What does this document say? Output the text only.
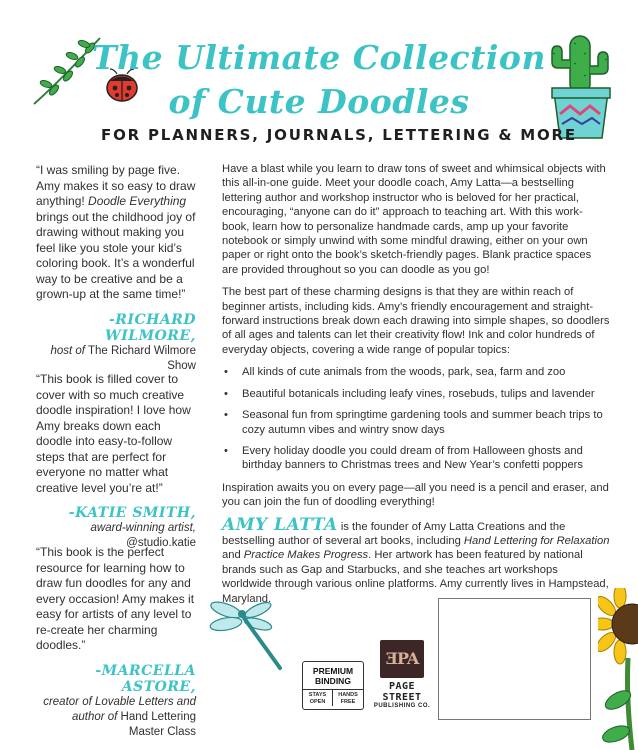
The Ultimate Collection
of Cute Doodles
FOR PLANNERS, JOURNALS, LETTERING & MORE
“I was smiling by page five. Amy makes it so easy to draw anything! Doodle Everything brings out the childhood joy of drawing without making you feel like you stole your kid’s coloring book. It’s a wonderful way to be creative and be a grown-up at the same time!”
-RICHARD WILMORE,
host of The Richard Wilmore Show
“This book is filled cover to cover with so much creative doodle inspiration! I love how Amy breaks down each doodle into easy-to-follow steps that are perfect for everyone no matter what creative level you’re at!”
-KATIE SMITH,
award-winning artist,
@studio.katie
“This book is the perfect resource for learning how to draw fun doodles for any and every occasion! Amy makes it easy for artists of any level to re-create her charming doodles.”
-MARCELLA ASTORE,
creator of Lovable Letters and
author of Hand Lettering
Master Class

Have a blast while you learn to draw tons of sweet and whimsical objects with this all-in-one guide. Meet your doodle coach, Amy Latta—a bestselling lettering author and workshop instructor who is beloved for her practical, encouraging, “anyone can do it” approach to teaching art. With this work-book, learn how to personalize handmade cards, amp up your favorite notebook or simply unwind with some mindful drawing, either on your own paper or right onto the book’s sketch-friendly pages. Blank practice spaces are provided throughout so you can doodle as you go!

The best part of these charming designs is that they are within reach of beginner artists, including kids. Amy’s friendly encouragement and straight-forward instructions break down each drawing into simple shapes, so doodlers of all ages and talents can let their creativity flow! Ink and color hundreds of everyday objects, covering a wide range of popular topics:

• All kinds of cute animals from the woods, park, sea, farm and zoo
• Beautiful botanicals including leafy vines, rosebuds, tulips and lavender
• Seasonal fun from springtime gardening tools and summer beach trips to cozy autumn vibes and wintry snow days
• Every holiday doodle you could dream of from Halloween ghosts and birthday banners to Christmas trees and New Year’s confetti poppers

Inspiration awaits you on every page—all you need is a pencil and eraser, and you can join the fun of doodling everything!

AMY LATTA is the founder of Amy Latta Creations and the bestselling author of several art books, including Hand Lettering for Relaxation and Practice Makes Progress. Her artwork has been featured by national brands such as Gap and Starbucks, and she teaches art workshops worldwide through various online platforms. Amy currently lives in Hampstead, Maryland.

PREMIUM
BINDING
STAYS OPEN
HANDS FREE
ƎPA
PAGE STREET
PUBLISHING CO.
